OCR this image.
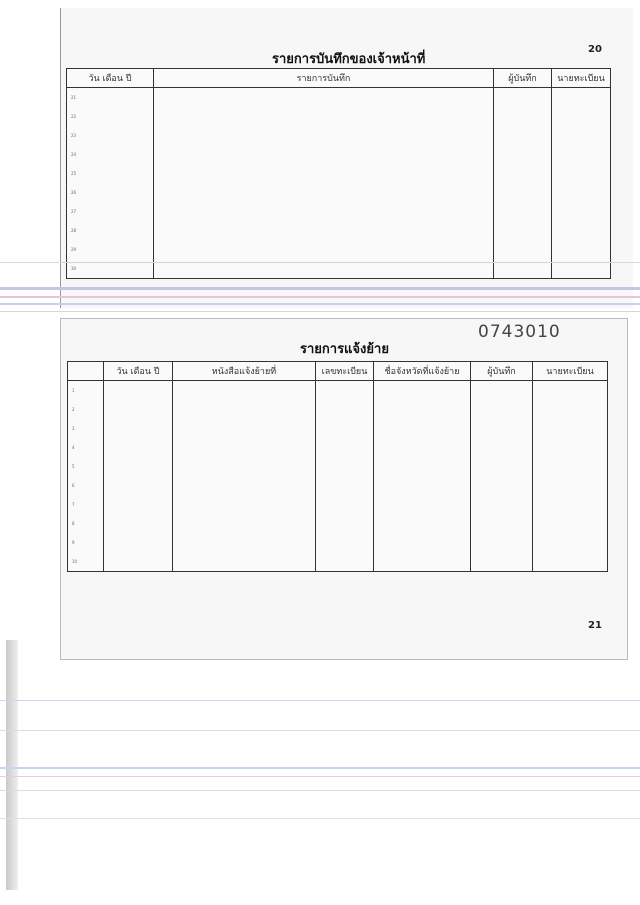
รายการบันทึกของเจ้าหน้าที่
20
วัน เดือน ปี	รายการบันทึก	ผู้บันทึก	นายทะเบียน
21			
22			
23			
24			
25			
26			
27			
28			
29			
30			
0743010
รายการแจ้งย้าย
	วัน เดือน ปี	หนังสือแจ้งย้ายที่	เลขทะเบียน	ชื่อจังหวัดที่แจ้งย้าย	ผู้บันทึก	นายทะเบียน
1						
2						
3						
4						
5						
6						
7						
8						
9						
10						
21
